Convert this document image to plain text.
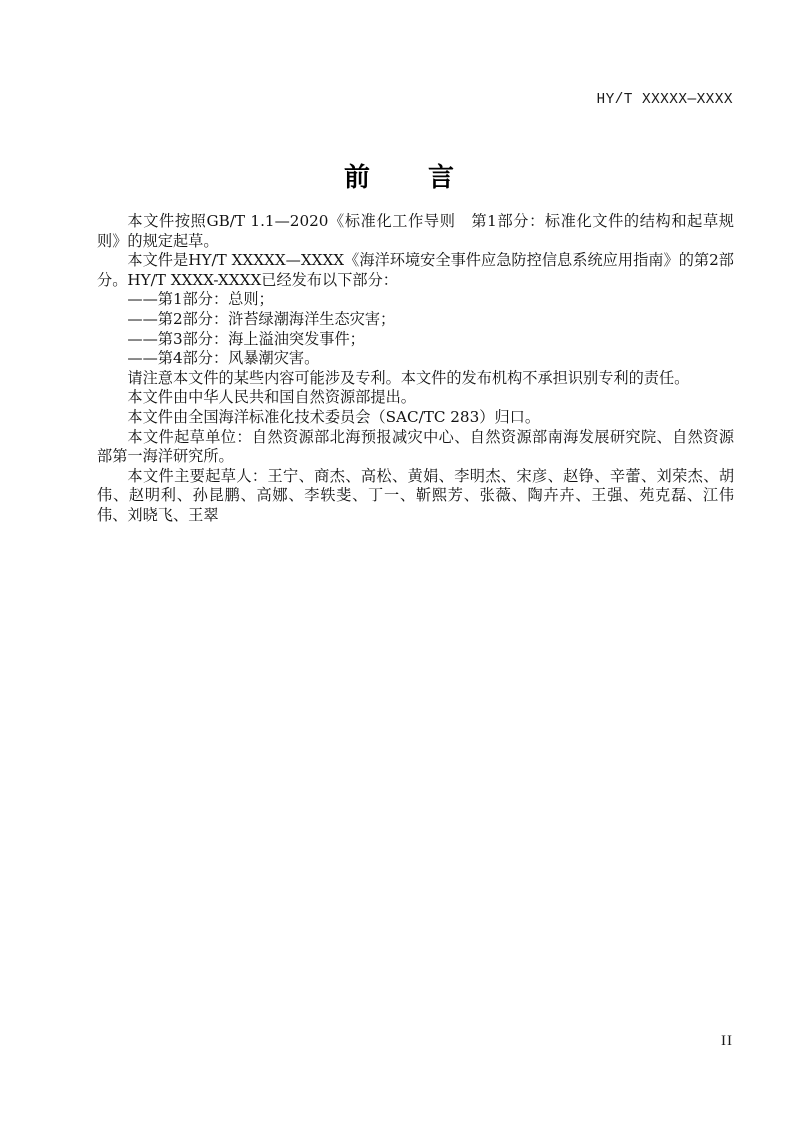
HY/T XXXXX—XXXX
前　　言

本文件按照GB/T 1.1—2020《标准化工作导则　第1部分：标准化文件的结构和起草规则》的规定起草。

本文件是HY/T XXXXX—XXXX《海洋环境安全事件应急防控信息系统应用指南》的第2部分。HY/T XXXX-XXXX已经发布以下部分：

——第1部分：总则；
——第2部分：浒苔绿潮海洋生态灾害；
——第3部分：海上溢油突发事件；
——第4部分：风暴潮灾害。

请注意本文件的某些内容可能涉及专利。本文件的发布机构不承担识别专利的责任。

本文件由中华人民共和国自然资源部提出。

本文件由全国海洋标准化技术委员会（SAC/TC 283）归口。

本文件起草单位：自然资源部北海预报减灾中心、自然资源部南海发展研究院、自然资源部第一海洋研究所。

本文件主要起草人：王宁、商杰、高松、黄娟、李明杰、宋彦、赵铮、辛蕾、刘荣杰、胡伟、赵明利、孙昆鹏、高娜、李轶斐、丁一、靳熙芳、张薇、陶卉卉、王强、苑克磊、江伟伟、刘晓飞、王翠

II
